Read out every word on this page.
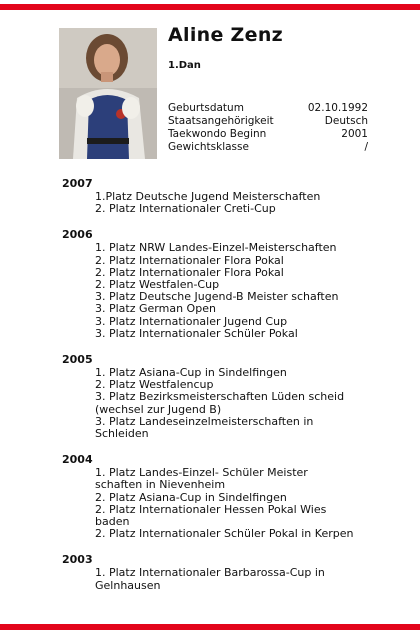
Aline Zenz
1.Dan
Geburtsdatum	02.10.1992
Staatsangehörigkeit	Deutsch
Taekwondo Beginn	2001
Gewichtsklasse	/
2007
1.Platz Deutsche Jugend Meisterschaften
2. Platz Internationaler Creti-Cup
2006
1. Platz NRW Landes-Einzel-Meisterschaften
2. Platz Internationaler Flora Pokal
2. Platz Internationaler Flora Pokal
2. Platz Westfalen-Cup
3. Platz Deutsche Jugend-B Meister schaften
3. Platz German Open
3. Platz Internationaler Jugend Cup
3. Platz Internationaler Schüler Pokal
2005
1. Platz Asiana-Cup in Sindelfingen
2. Platz Westfalencup
3. Platz Bezirksmeisterschaften Lüden scheid (wechsel zur Jugend B)
3. Platz Landeseinzelmeisterschaften in Schleiden
2004
1. Platz Landes-Einzel- Schüler Meister schaften in Nievenheim
2. Platz Asiana-Cup in Sindelfingen
2. Platz Internationaler Hessen Pokal Wies baden
2. Platz Internationaler Schüler Pokal in Kerpen
2003
1. Platz Internationaler Barbarossa-Cup in Gelnhausen
